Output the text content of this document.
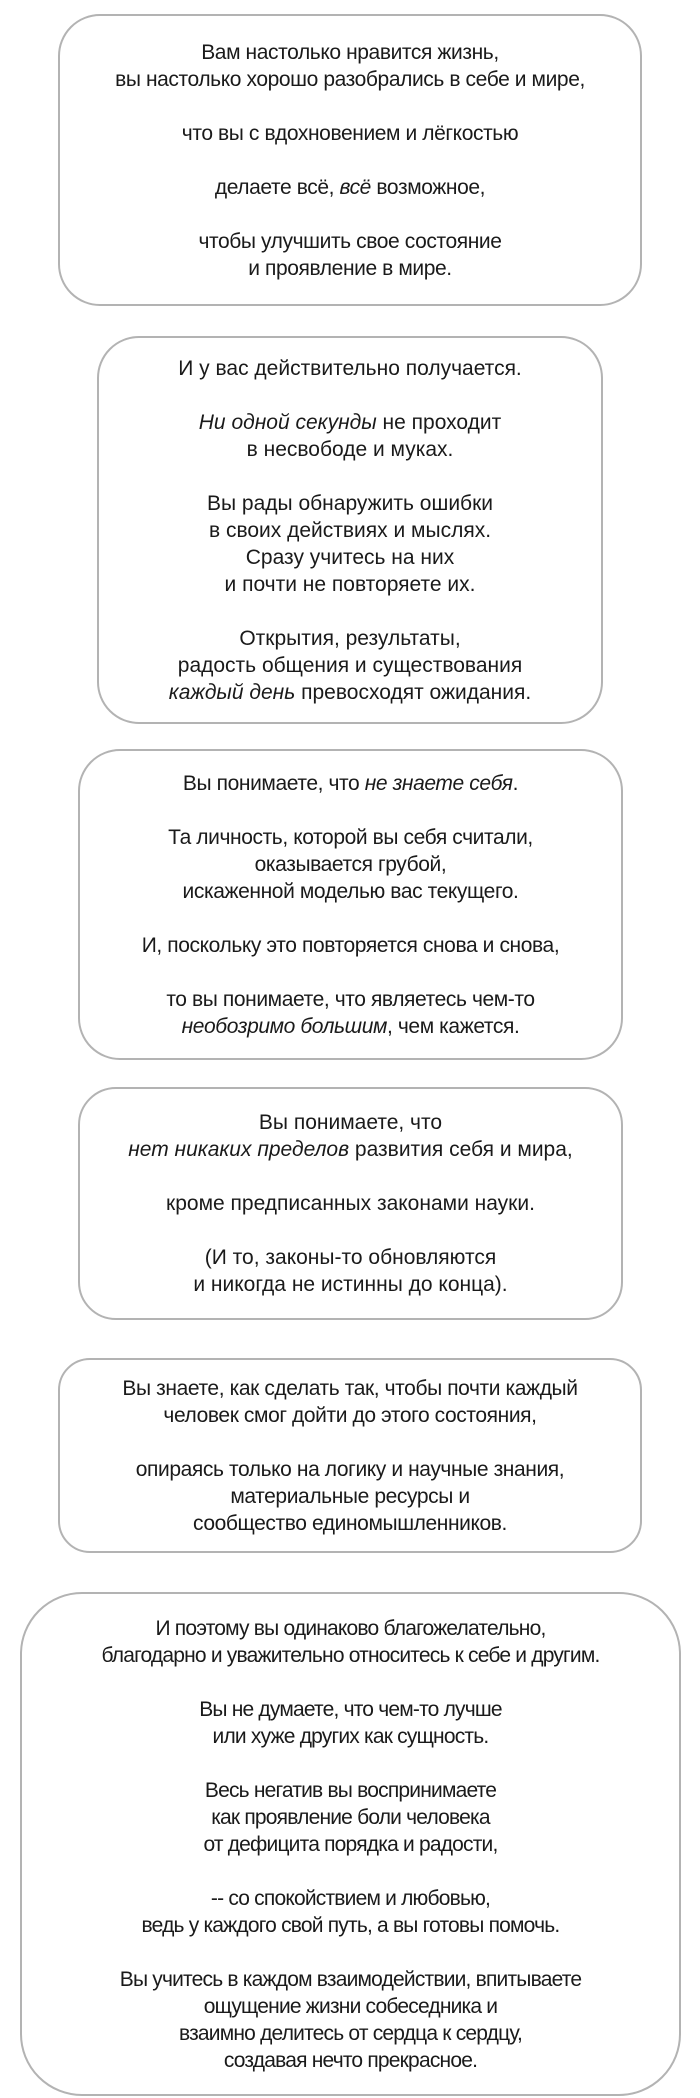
Вам настолько нравится жизнь,
вы настолько хорошо разобрались в себе и мире,
что вы с вдохновением и лёгкостью
делаете всё, всё возможное,
чтобы улучшить свое состояние
и проявление в мире.
И у вас действительно получается.
Ни одной секунды не проходит
в несвободе и муках.
Вы рады обнаружить ошибки
в своих действиях и мыслях.
Сразу учитесь на них
и почти не повторяете их.
Открытия, результаты,
радость общения и существования
каждый день превосходят ожидания.
Вы понимаете, что не знаете себя.
Та личность, которой вы себя считали,
оказывается грубой,
искаженной моделью вас текущего.
И, поскольку это повторяется снова и снова,
то вы понимаете, что являетесь чем-то
необозримо большим, чем кажется.
Вы понимаете, что
нет никаких пределов развития себя и мира,
кроме предписанных законами науки.
(И то, законы-то обновляются
и никогда не истинны до конца).
Вы знаете, как сделать так, чтобы почти каждый
человек смог дойти до этого состояния,
опираясь только на логику и научные знания,
материальные ресурсы и
сообщество единомышленников.
И поэтому вы одинаково благожелательно,
благодарно и уважительно относитесь к себе и другим.
Вы не думаете, что чем-то лучше
или хуже других как сущность.
Весь негатив вы воспринимаете
как проявление боли человека
от дефицита порядка и радости,
-- со спокойствием и любовью,
ведь у каждого свой путь, а вы готовы помочь.
Вы учитесь в каждом взаимодействии, впитываете
ощущение жизни собеседника и
взаимно делитесь от сердца к сердцу,
создавая нечто прекрасное.
